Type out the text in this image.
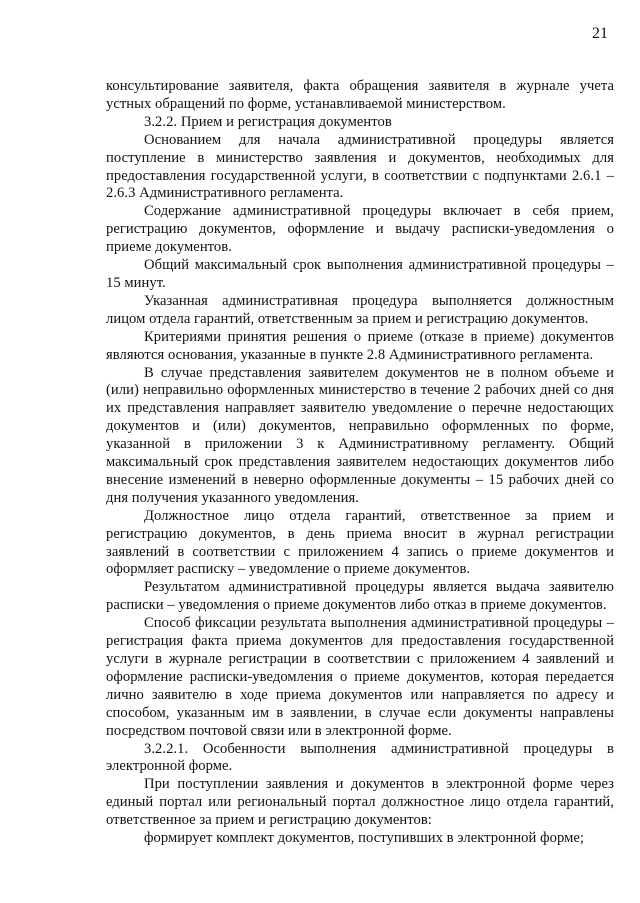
21

консультирование заявителя, факта обращения заявителя в журнале учета устных обращений по форме, устанавливаемой министерством.

3.2.2. Прием и регистрация документов

Основанием для начала административной процедуры является поступление в министерство заявления и документов, необходимых для предоставления государственной услуги, в соответствии с подпунктами 2.6.1 – 2.6.3 Административного регламента.

Содержание административной процедуры включает в себя прием, регистрацию документов, оформление и выдачу расписки-уведомления о приеме документов.

Общий максимальный срок выполнения административной процедуры – 15 минут.

Указанная административная процедура выполняется должностным лицом отдела гарантий, ответственным за прием и регистрацию документов.

Критериями принятия решения о приеме (отказе в приеме) документов являются основания, указанные в пункте 2.8 Административного регламента.

В случае представления заявителем документов не в полном объеме и (или) неправильно оформленных министерство в течение 2 рабочих дней со дня их представления направляет заявителю уведомление о перечне недостающих документов и (или) документов, неправильно оформленных по форме, указанной в приложении 3 к Административному регламенту. Общий максимальный срок представления заявителем недостающих документов либо внесение изменений в неверно оформленные документы – 15 рабочих дней со дня получения указанного уведомления.

Должностное лицо отдела гарантий, ответственное за прием и регистрацию документов, в день приема вносит в журнал регистрации заявлений в соответствии с приложением 4 запись о приеме документов и оформляет расписку – уведомление о приеме документов.

Результатом административной процедуры является выдача заявителю расписки – уведомления о приеме документов либо отказ в приеме документов.

Способ фиксации результата выполнения административной процедуры – регистрация факта приема документов для предоставления государственной услуги в журнале регистрации в соответствии с приложением 4 заявлений и оформление расписки-уведомления о приеме документов, которая передается лично заявителю в ходе приема документов или направляется по адресу и способом, указанным им в заявлении, в случае если документы направлены посредством почтовой связи или в электронной форме.

3.2.2.1. Особенности выполнения административной процедуры в электронной форме.

При поступлении заявления и документов в электронной форме через единый портал или региональный портал должностное лицо отдела гарантий, ответственное за прием и регистрацию документов:

формирует комплект документов, поступивших в электронной форме;
